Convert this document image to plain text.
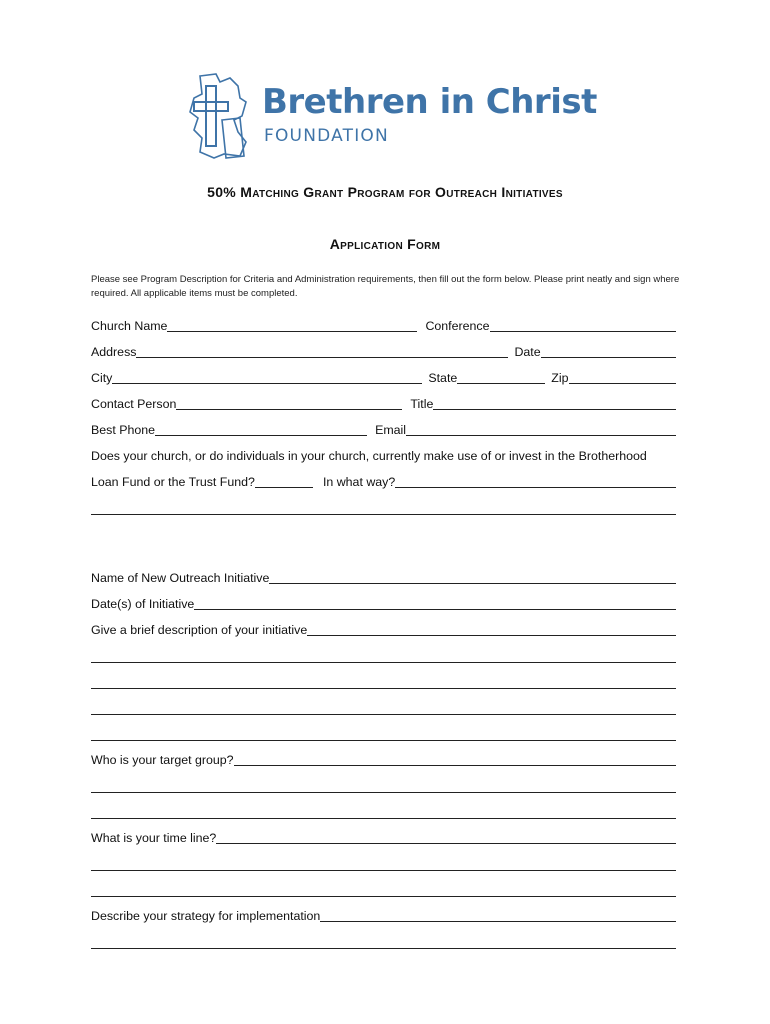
Brethren in Christ
FOUNDATION
50% Matching Grant Program for Outreach Initiatives
Application Form
Please see Program Description for Criteria and Administration requirements, then fill out the form below. Please print neatly and sign where required. All applicable items must be completed.
Church Name	Conference
Address	Date
City	State	Zip
Contact Person	Title
Best Phone	Email
Does your church, or do individuals in your church, currently make use of or invest in the Brotherhood
Loan Fund or the Trust Fund?	In what way?
Name of New Outreach Initiative
Date(s) of Initiative
Give a brief description of your initiative
Who is your target group?
What is your time line?
Describe your strategy for implementation
